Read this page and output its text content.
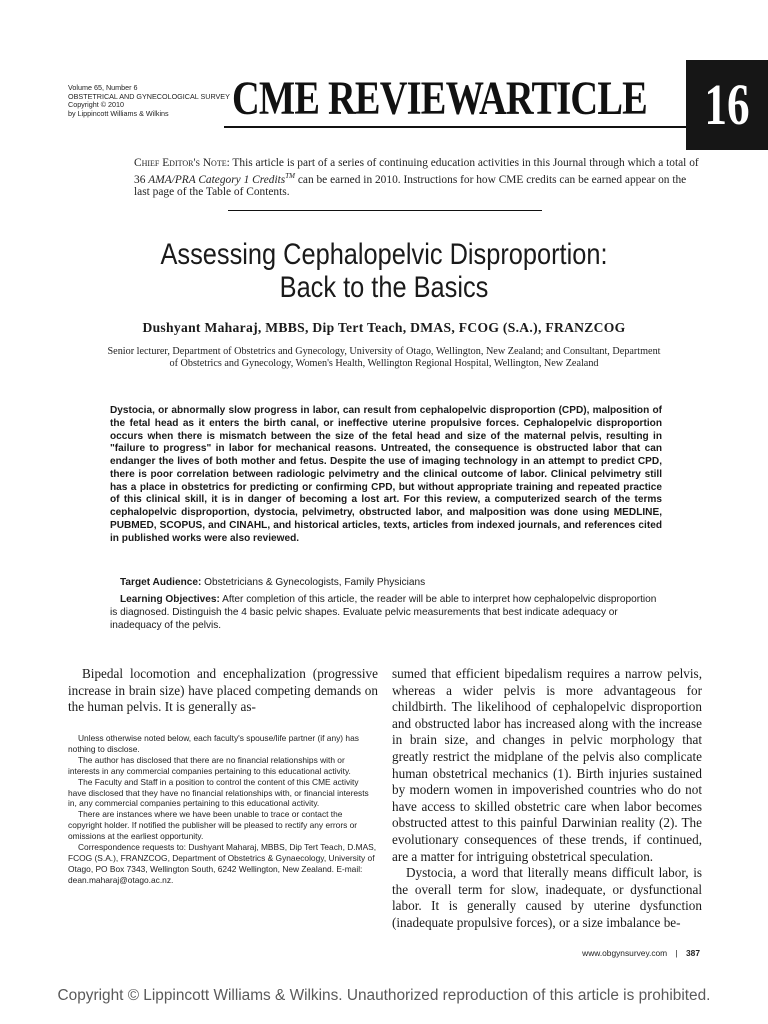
Volume 65, Number 6
OBSTETRICAL AND GYNECOLOGICAL SURVEY
Copyright © 2010
by Lippincott Williams & Wilkins	CME REVIEWARTICLE 16
Chief Editor's Note: This article is part of a series of continuing education activities in this Journal through which a total of 36 AMA/PRA Category 1 Credits™ can be earned in 2010. Instructions for how CME credits can be earned appear on the last page of the Table of Contents.
Assessing Cephalopelvic Disproportion:
Back to the Basics
Dushyant Maharaj, MBBS, Dip Tert Teach, DMAS, FCOG (S.A.), FRANZCOG
Senior lecturer, Department of Obstetrics and Gynecology, University of Otago, Wellington, New Zealand; and Consultant, Department of Obstetrics and Gynecology, Women's Health, Wellington Regional Hospital, Wellington, New Zealand
Dystocia, or abnormally slow progress in labor, can result from cephalopelvic disproportion (CPD), malposition of the fetal head as it enters the birth canal, or ineffective uterine propulsive forces. Cephalopelvic disproportion occurs when there is mismatch between the size of the fetal head and size of the maternal pelvis, resulting in "failure to progress" in labor for mechanical reasons. Untreated, the consequence is obstructed labor that can endanger the lives of both mother and fetus. Despite the use of imaging technology in an attempt to predict CPD, there is poor correlation between radiologic pelvimetry and the clinical outcome of labor. Clinical pelvimetry still has a place in obstetrics for predicting or confirming CPD, but without appropriate training and repeated practice of this clinical skill, it is in danger of becoming a lost art. For this review, a computerized search of the terms cephalopelvic disproportion, dystocia, pelvimetry, obstructed labor, and malposition was done using MEDLINE, PUBMED, SCOPUS, and CINAHL, and historical articles, texts, articles from indexed journals, and references cited in published works were also reviewed.
Target Audience: Obstetricians & Gynecologists, Family Physicians
Learning Objectives: After completion of this article, the reader will be able to interpret how cephalopelvic disproportion is diagnosed. Distinguish the 4 basic pelvic shapes. Evaluate pelvic measurements that best indicate adequacy or inadequacy of the pelvis.
Bipedal locomotion and encephalization (progressive increase in brain size) have placed competing demands on the human pelvis. It is generally as-

Unless otherwise noted below, each faculty's spouse/life partner (if any) has nothing to disclose.

The author has disclosed that there are no financial relationships with or interests in any commercial companies pertaining to this educational activity.

The Faculty and Staff in a position to control the content of this CME activity have disclosed that they have no financial relationships with, or financial interests in, any commercial companies pertaining to this educational activity.

There are instances where we have been unable to trace or contact the copyright holder. If notified the publisher will be pleased to rectify any errors or omissions at the earliest opportunity.

Correspondence requests to: Dushyant Maharaj, MBBS, Dip Tert Teach, D.MAS, FCOG (S.A.), FRANZCOG, Department of Obstetrics & Gynaecology, University of Otago, PO Box 7343, Wellington South, 6242 Wellington, New Zealand. E-mail: dean.maharaj@otago.ac.nz.

sumed that efficient bipedalism requires a narrow pelvis, whereas a wider pelvis is more advantageous for childbirth. The likelihood of cephalopelvic disproportion and obstructed labor has increased along with the increase in brain size, and changes in pelvic morphology that greatly restrict the midplane of the pelvis also complicate human obstetrical mechanics (1). Birth injuries sustained by modern women in impoverished countries who do not have access to skilled obstetric care when labor becomes obstructed attest to this painful Darwinian reality (2). The evolutionary consequences of these trends, if continued, are a matter for intriguing obstetrical speculation.
Dystocia, a word that literally means difficult labor, is the overall term for slow, inadequate, or dysfunctional labor. It is generally caused by uterine dysfunction (inadequate propulsive forces), or a size imbalance be-
www.obgynsurvey.com | 387
Copyright © Lippincott Williams & Wilkins. Unauthorized reproduction of this article is prohibited.
